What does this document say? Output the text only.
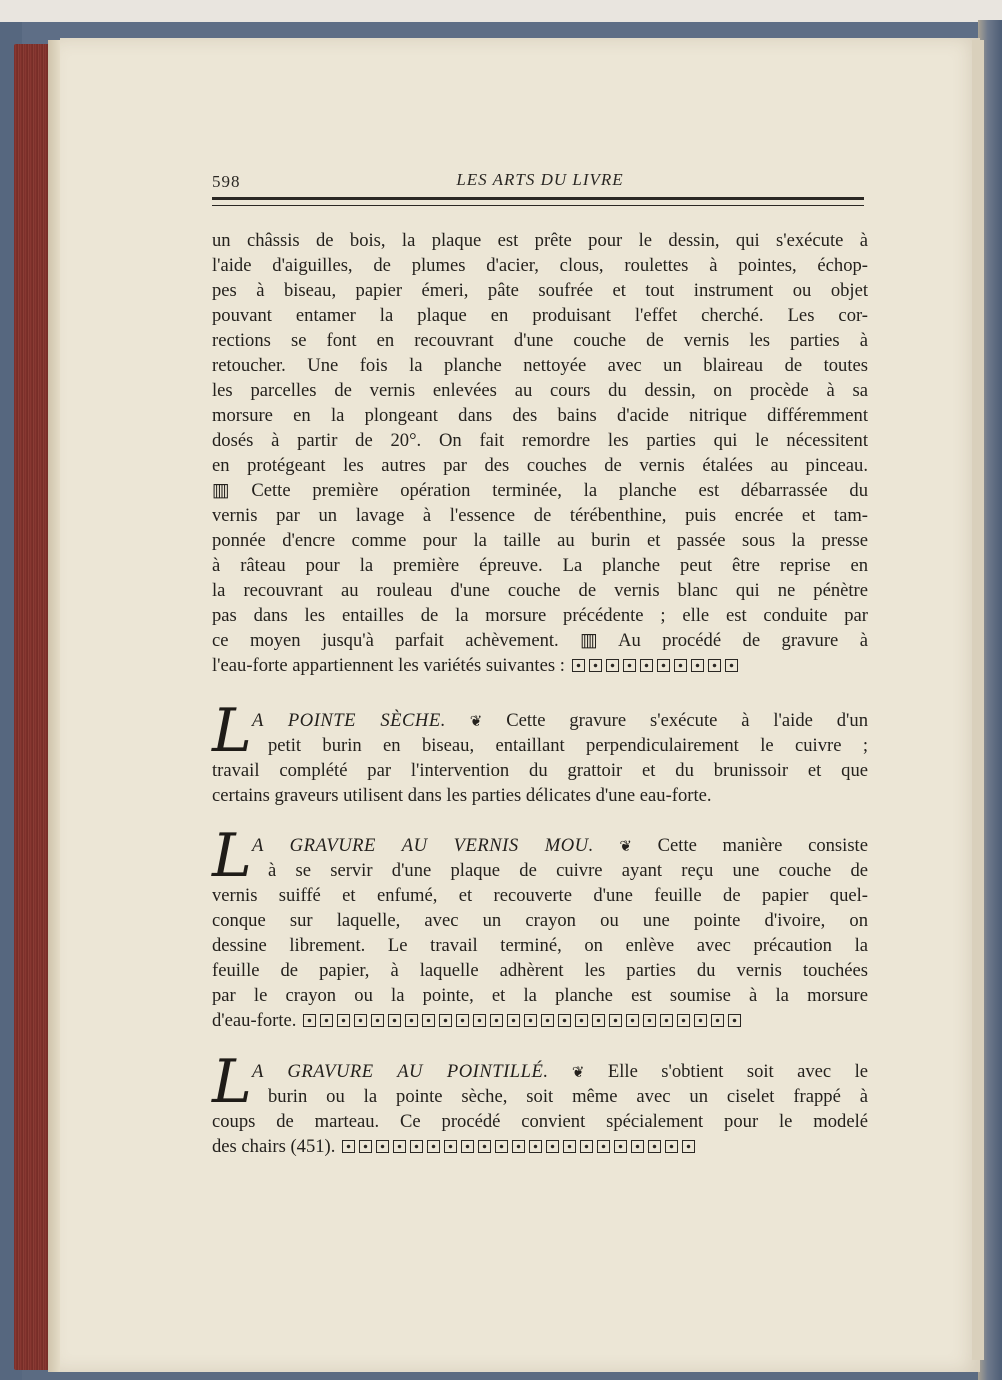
598	LES ARTS DU LIVRE
un châssis de bois, la plaque est prête pour le dessin, qui s'exécute à
l'aide d'aiguilles, de plumes d'acier, clous, roulettes à pointes, échop-
pes à biseau, papier émeri, pâte soufrée et tout instrument ou objet
pouvant entamer la plaque en produisant l'effet cherché. Les cor-
rections se font en recouvrant d'une couche de vernis les parties à
retoucher. Une fois la planche nettoyée avec un blaireau de toutes
les parcelles de vernis enlevées au cours du dessin, on procède à sa
morsure en la plongeant dans des bains d'acide nitrique différemment
dosés à partir de 20°. On fait remordre les parties qui le nécessitent
en protégeant les autres par des couches de vernis étalées au pinceau.
▥ Cette première opération terminée, la planche est débarrassée du
vernis par un lavage à l'essence de térébenthine, puis encrée et tam-
ponnée d'encre comme pour la taille au burin et passée sous la presse
à râteau pour la première épreuve. La planche peut être reprise en
la recouvrant au rouleau d'une couche de vernis blanc qui ne pénètre
pas dans les entailles de la morsure précédente ; elle est conduite par
ce moyen jusqu'à parfait achèvement. ▥ Au procédé de gravure à
l'eau-forte appartiennent les variétés suivantes :
L A POINTE SÈCHE. ❦ Cette gravure s'exécute à l'aide d'un
petit burin en biseau, entaillant perpendiculairement le cuivre ;
travail complété par l'intervention du grattoir et du brunissoir et que
certains graveurs utilisent dans les parties délicates d'une eau-forte.
L A GRAVURE AU VERNIS MOU. ❦ Cette manière consiste
à se servir d'une plaque de cuivre ayant reçu une couche de
vernis suiffé et enfumé, et recouverte d'une feuille de papier quel-
conque sur laquelle, avec un crayon ou une pointe d'ivoire, on
dessine librement. Le travail terminé, on enlève avec précaution la
feuille de papier, à laquelle adhèrent les parties du vernis touchées
par le crayon ou la pointe, et la planche est soumise à la morsure
d'eau-forte.
L A GRAVURE AU POINTILLÉ. ❦ Elle s'obtient soit avec le
burin ou la pointe sèche, soit même avec un ciselet frappé à
coups de marteau. Ce procédé convient spécialement pour le modelé
des chairs (451).
